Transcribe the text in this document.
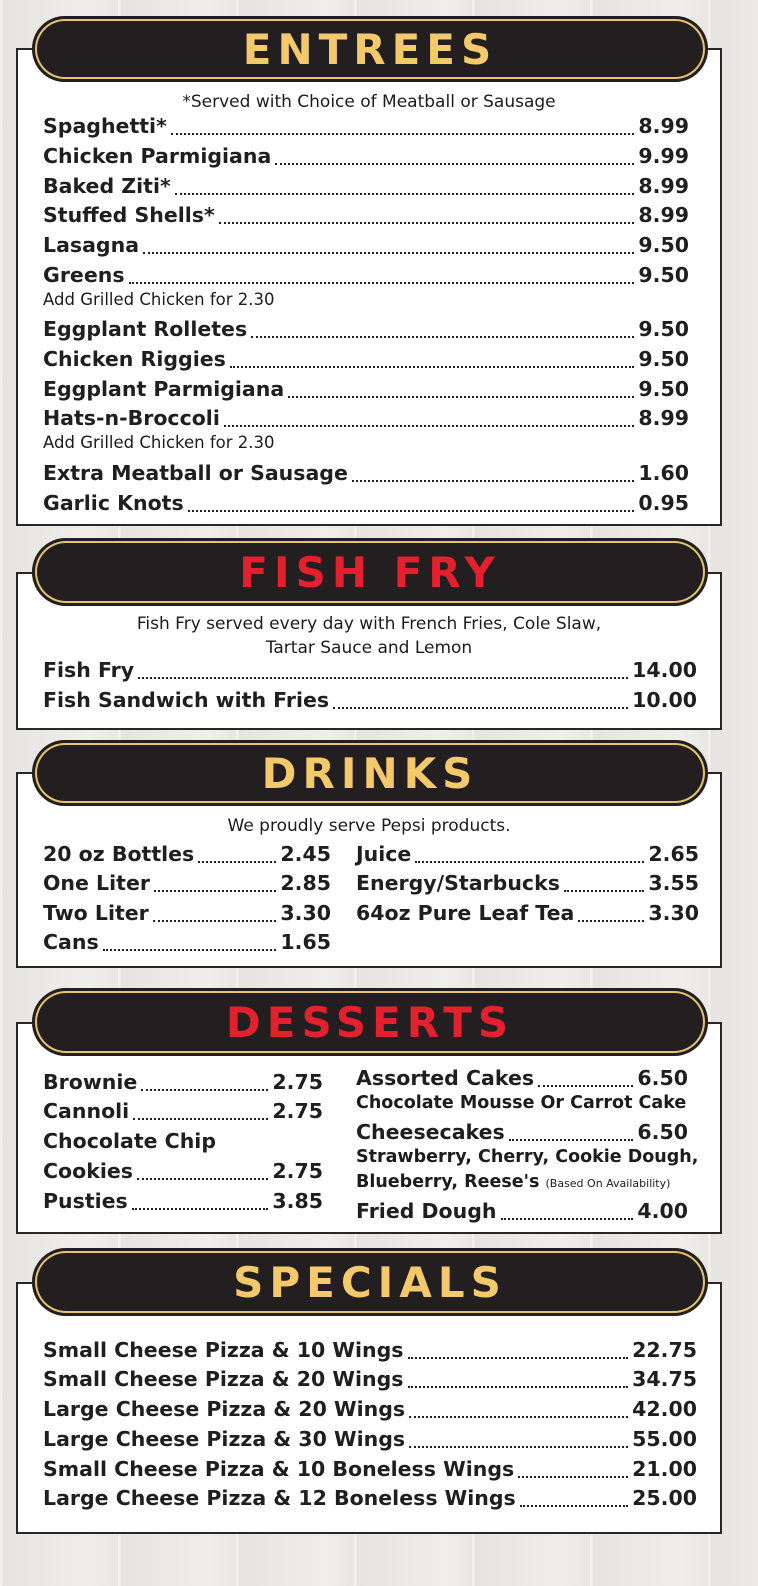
ENTREES
*Served with Choice of Meatball or Sausage
Spaghetti*	8.99
Chicken Parmigiana	9.99
Baked Ziti*	8.99
Stuffed Shells*	8.99
Lasagna	9.50
Greens	9.50
Add Grilled Chicken for 2.30
Eggplant Rolletes	9.50
Chicken Riggies	9.50
Eggplant Parmigiana	9.50
Hats-n-Broccoli	8.99
Add Grilled Chicken for 2.30
Extra Meatball or Sausage	1.60
Garlic Knots	0.95
FISH FRY
Fish Fry served every day with French Fries, Cole Slaw,
Tartar Sauce and Lemon
Fish Fry	14.00
Fish Sandwich with Fries	10.00
DRINKS
We proudly serve Pepsi products.
20 oz Bottles	2.45
One Liter	2.85
Two Liter	3.30
Cans	1.65
Juice	2.65
Energy/Starbucks	3.55
64oz Pure Leaf Tea	3.30
DESSERTS
Brownie	2.75
Cannoli	2.75
Chocolate Chip
Cookies	2.75
Pusties	3.85
Assorted Cakes	6.50
Chocolate Mousse Or Carrot Cake
Cheesecakes	6.50
Strawberry, Cherry, Cookie Dough,
Blueberry, Reese's (Based On Availability)
Fried Dough	4.00
SPECIALS
Small Cheese Pizza & 10 Wings	22.75
Small Cheese Pizza & 20 Wings	34.75
Large Cheese Pizza & 20 Wings	42.00
Large Cheese Pizza & 30 Wings	55.00
Small Cheese Pizza & 10 Boneless Wings	21.00
Large Cheese Pizza & 12 Boneless Wings	25.00
